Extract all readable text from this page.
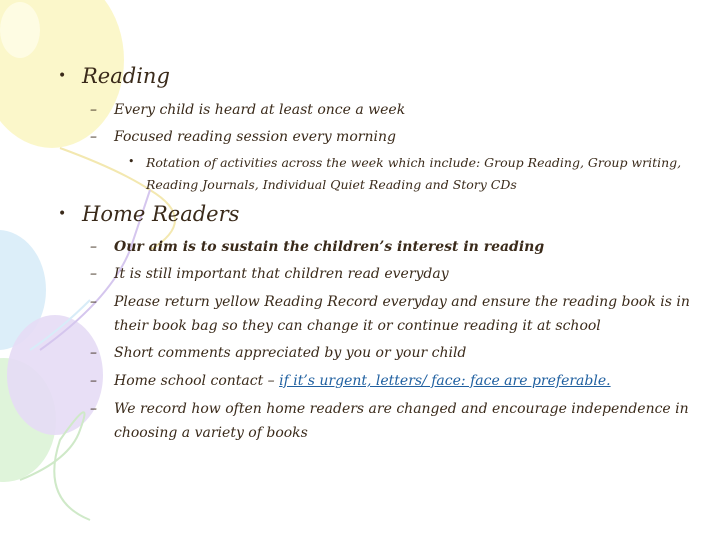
• Reading
– Every child is heard at least once a week
– Focused reading session every morning
• Rotation of activities across the week which include: Group Reading, Group writing, Reading Journals, Individual Quiet Reading and Story CDs
• Home Readers
– Our aim is to sustain the children’s interest in reading
– It is still important that children read everyday
– Please return yellow Reading Record everyday and ensure the reading book is in their book bag so they can change it or continue reading it at school
– Short comments appreciated by you or your child
– Home school contact – if it’s urgent, letters/ face: face are preferable.
– We record how often home readers are changed and encourage independence in choosing a variety of books
